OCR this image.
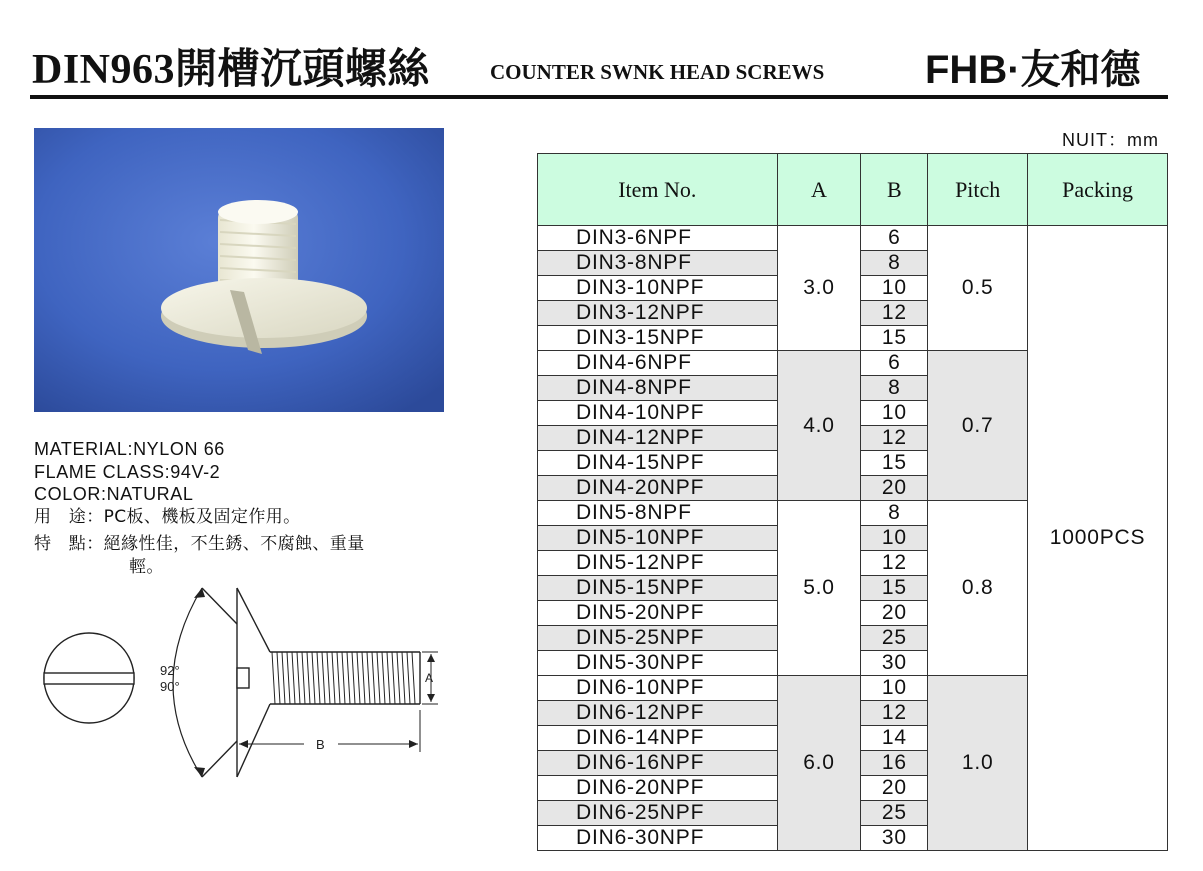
DIN963開槽沉頭螺絲	COUNTER SWNK HEAD SCREWS	FHB·友和德
MATERIAL:NYLON 66
FLAME CLASS:94V-2
COLOR:NATURAL
用　途：PC板、機板及固定作用。
特　點：絕緣性佳，不生銹、不腐蝕、重量
輕。
92°
90°
A
B
NUIT：mm
Item No.	A	B	Pitch	Packing
DIN3-6NPF	3.0	6	0.5	1000PCS
DIN3-8NPF		8		
DIN3-10NPF		10		
DIN3-12NPF		12		
DIN3-15NPF		15		
DIN4-6NPF	4.0	6	0.7	
DIN4-8NPF		8		
DIN4-10NPF		10		
DIN4-12NPF		12		
DIN4-15NPF		15		
DIN4-20NPF		20		
DIN5-8NPF	5.0	8	0.8	
DIN5-10NPF		10		
DIN5-12NPF		12		
DIN5-15NPF		15		
DIN5-20NPF		20		
DIN5-25NPF		25		
DIN5-30NPF		30		
DIN6-10NPF	6.0	10	1.0	
DIN6-12NPF		12		
DIN6-14NPF		14		
DIN6-16NPF		16		
DIN6-20NPF		20		
DIN6-25NPF		25		
DIN6-30NPF		30		
